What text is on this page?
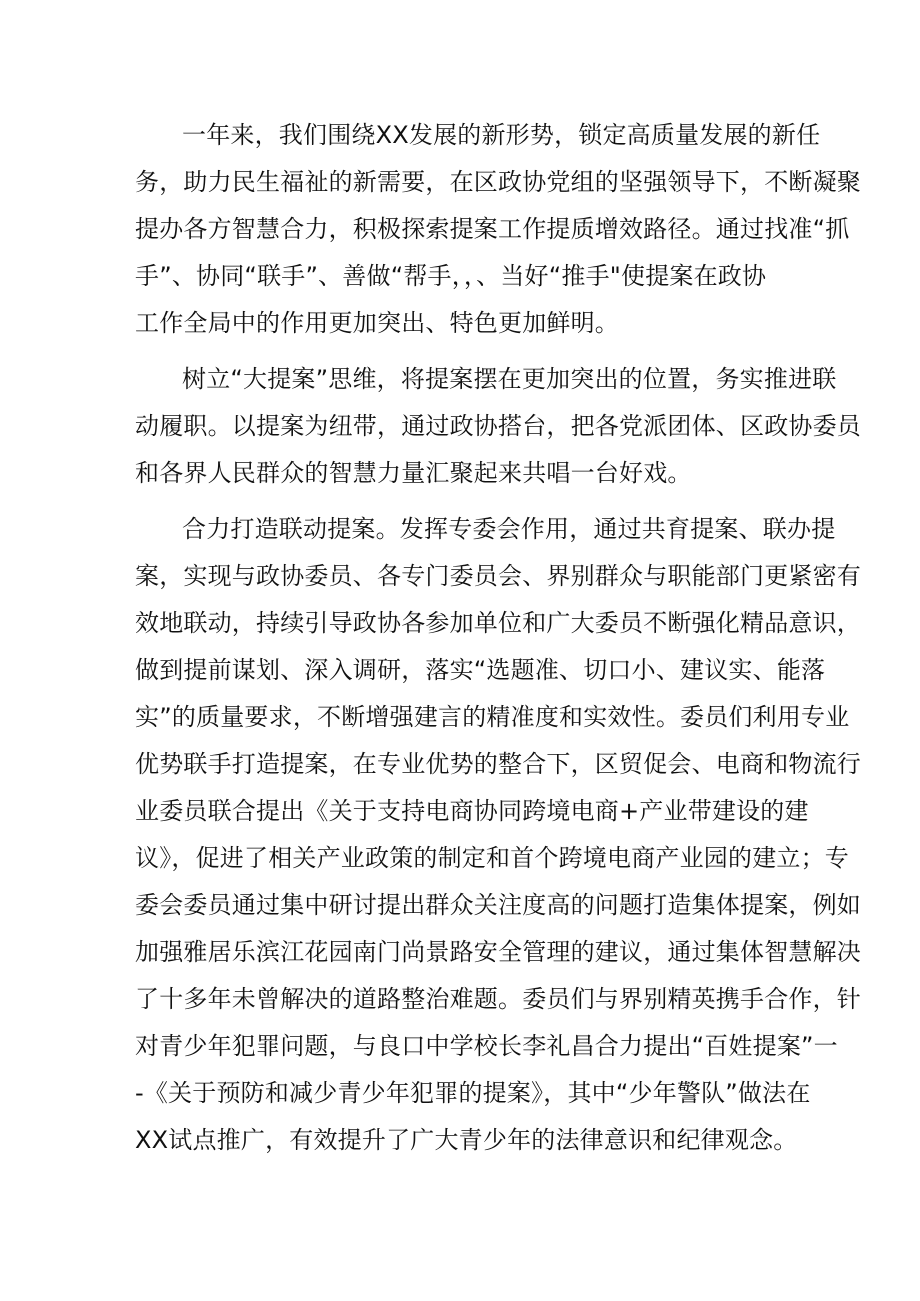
一年来，我们围绕XX发展的新形势，锁定高质量发展的新任
务，助力民生福祉的新需要，在区政协党组的坚强领导下，不断凝聚
提办各方智慧合力，积极探索提案工作提质增效路径。通过找准“抓
手”、协同“联手”、善做“帮手，，、当好“推手"使提案在政协
工作全局中的作用更加突出、特色更加鲜明。
树立“大提案”思维，将提案摆在更加突出的位置，务实推进联
动履职。以提案为纽带，通过政协搭台，把各党派团体、区政协委员
和各界人民群众的智慧力量汇聚起来共唱一台好戏。
合力打造联动提案。发挥专委会作用，通过共育提案、联办提
案，实现与政协委员、各专门委员会、界别群众与职能部门更紧密有
效地联动，持续引导政协各参加单位和广大委员不断强化精品意识，
做到提前谋划、深入调研，落实“选题准、切口小、建议实、能落
实”的质量要求，不断增强建言的精准度和实效性。委员们利用专业
优势联手打造提案，在专业优势的整合下，区贸促会、电商和物流行
业委员联合提出《关于支持电商协同跨境电商+产业带建设的建
议》，促进了相关产业政策的制定和首个跨境电商产业园的建立；专
委会委员通过集中研讨提出群众关注度高的问题打造集体提案，例如
加强雅居乐滨江花园南门尚景路安全管理的建议，通过集体智慧解决
了十多年未曾解决的道路整治难题。委员们与界别精英携手合作，针
对青少年犯罪问题，与良口中学校长李礼昌合力提出“百姓提案”一
-《关于预防和减少青少年犯罪的提案》，其中“少年警队”做法在
XX试点推广，有效提升了广大青少年的法律意识和纪律观念。
